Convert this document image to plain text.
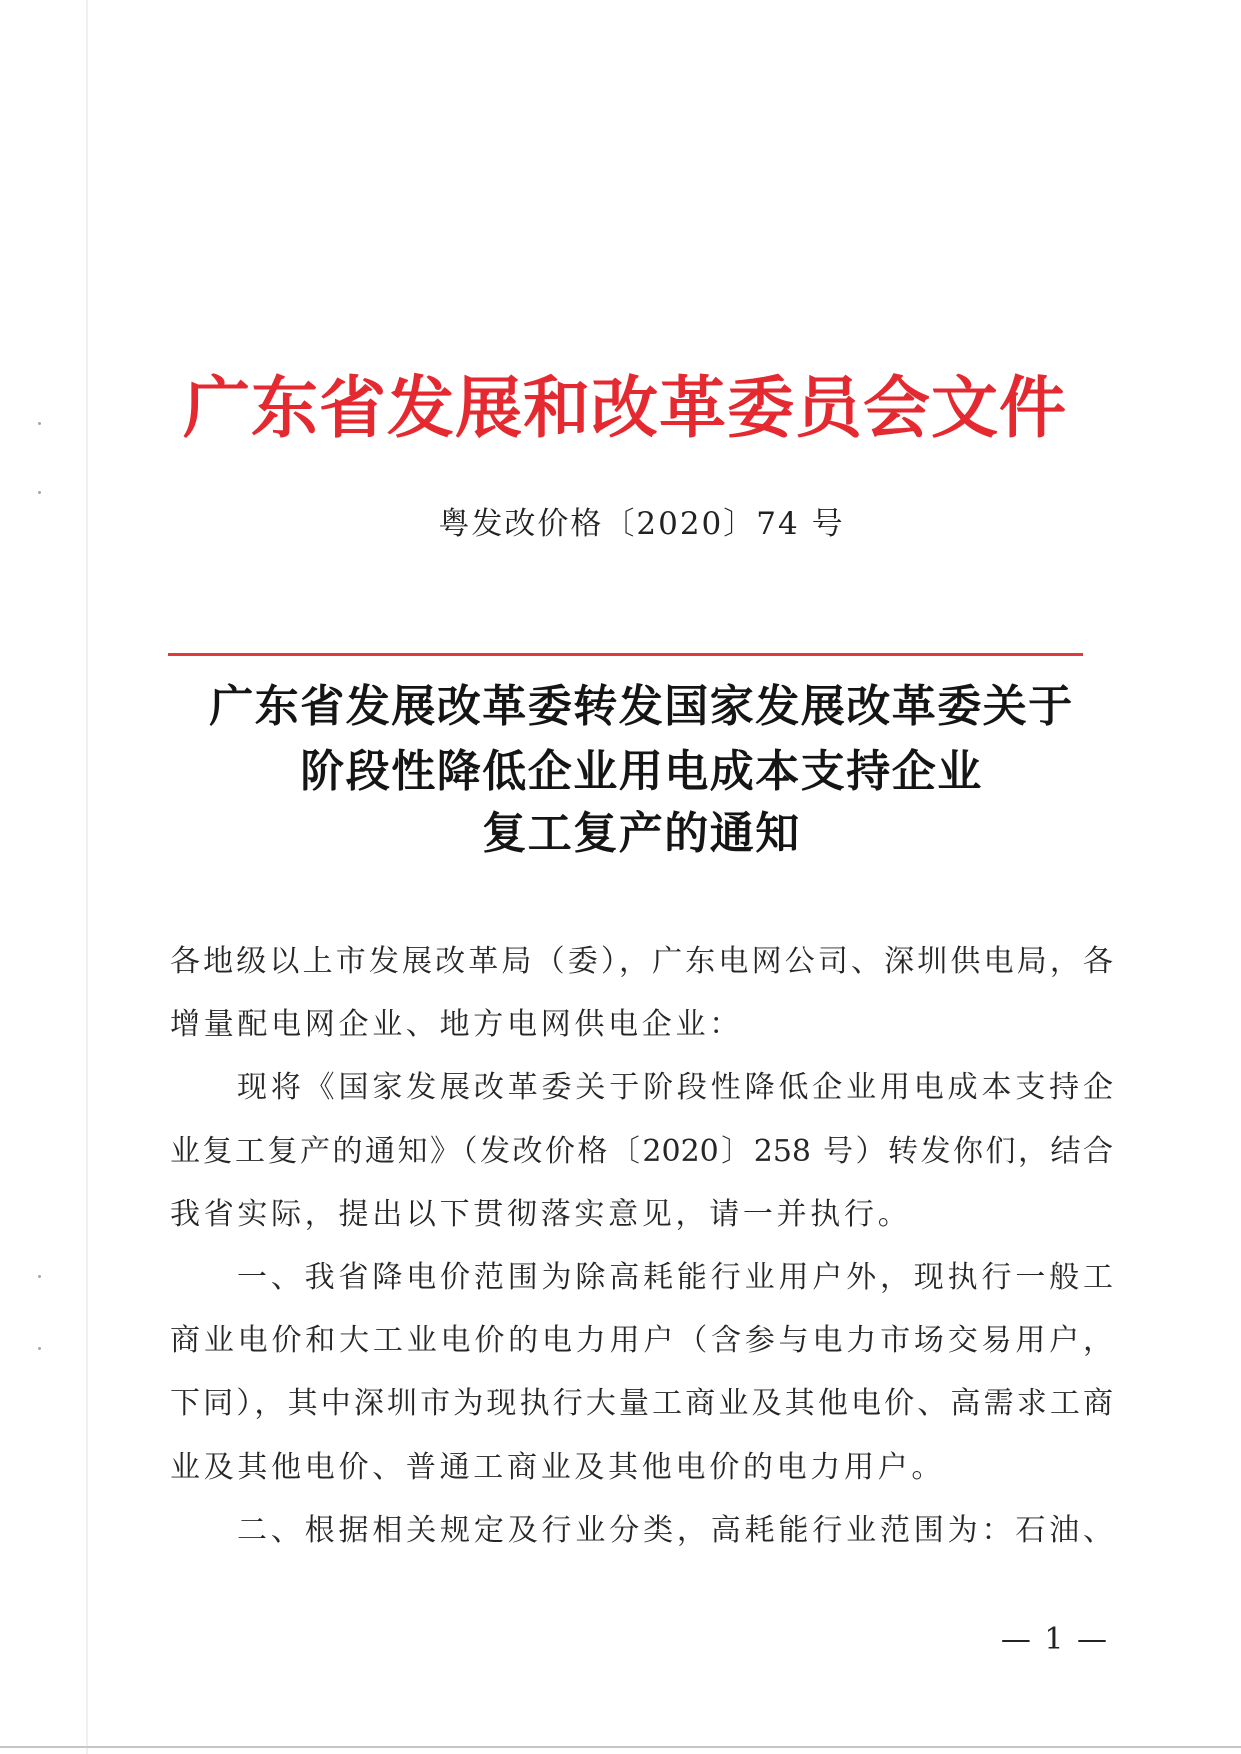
广东省发展和改革委员会文件
粤发改价格〔2020〕74 号
广东省发展改革委转发国家发展改革委关于
阶段性降低企业用电成本支持企业
复工复产的通知
各地级以上市发展改革局（委），广东电网公司、深圳供电局，各
增量配电网企业、地方电网供电企业：
现将《国家发展改革委关于阶段性降低企业用电成本支持企
业复工复产的通知》（发改价格〔2020〕258 号）转发你们，结合
我省实际，提出以下贯彻落实意见，请一并执行。
一、我省降电价范围为除高耗能行业用户外，现执行一般工
商业电价和大工业电价的电力用户（含参与电力市场交易用户，
下同），其中深圳市为现执行大量工商业及其他电价、高需求工商
业及其他电价、普通工商业及其他电价的电力用户。
二、根据相关规定及行业分类，高耗能行业范围为：石油、
— 1 —
